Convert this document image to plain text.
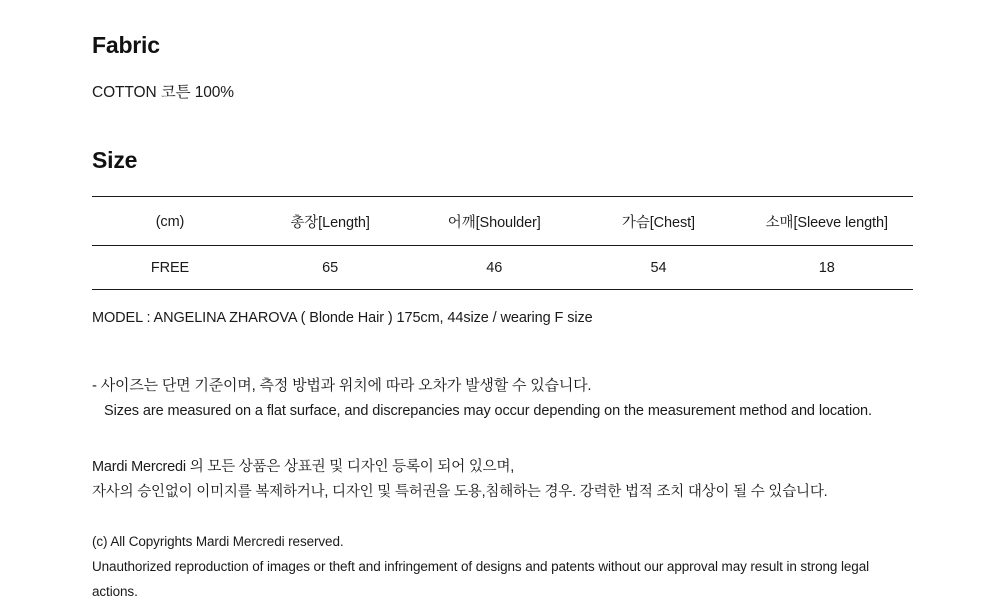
Fabric
COTTON 코튼 100%
Size
(cm)	총장[Length]	어깨[Shoulder]	가슴[Chest]	소매[Sleeve length]
FREE	65	46	54	18
MODEL : ANGELINA ZHAROVA ( Blonde Hair ) 175cm, 44size / wearing F size
- 사이즈는 단면 기준이며, 측정 방법과 위치에 따라 오차가 발생할 수 있습니다.
Sizes are measured on a flat surface, and discrepancies may occur depending on the measurement method and location.
Mardi Mercredi 의 모든 상품은 상표권 및 디자인 등록이 되어 있으며,
자사의 승인없이 이미지를 복제하거나, 디자인 및 특허권을 도용,침해하는 경우. 강력한 법적 조치 대상이 될 수 있습니다.
(c) All Copyrights Mardi Mercredi reserved.
Unauthorized reproduction of images or theft and infringement of designs and patents without our approval may result in strong legal actions.
